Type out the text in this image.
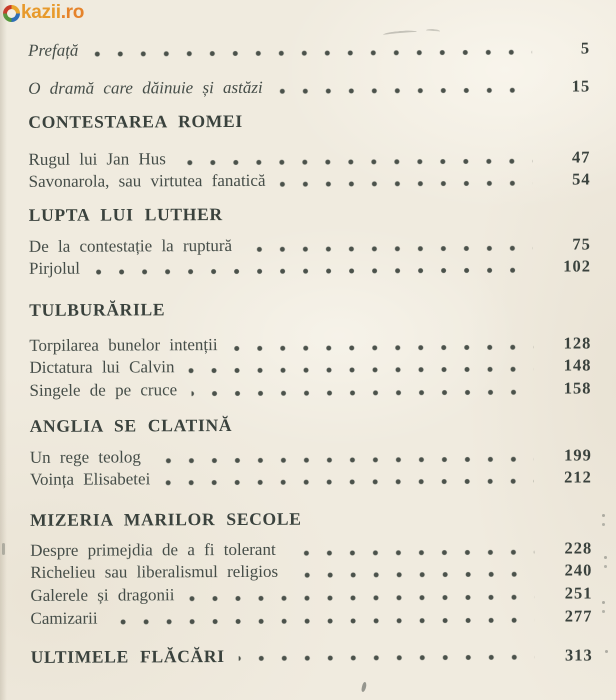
kazii .ro
Prefață	5
O dramă care dăinuie și astăzi	15
CONTESTAREA ROMEI
Rugul lui Jan Hus	47
Savonarola, sau virtutea fanatică	54
LUPTA LUI LUTHER
De la contestație la ruptură	75
Pirjolul	102
TULBURĂRILE
Torpilarea bunelor intenții	128
Dictatura lui Calvin	148
Singele de pe cruce	158
ANGLIA SE CLATINĂ
Un rege teolog	199
Voința Elisabetei	212
MIZERIA MARILOR SECOLE
Despre primejdia de a fi tolerant	228
Richelieu sau liberalismul religios	240
Galerele și dragonii	251
Camizarii	277
ULTIMELE FLĂCĂRI	313
